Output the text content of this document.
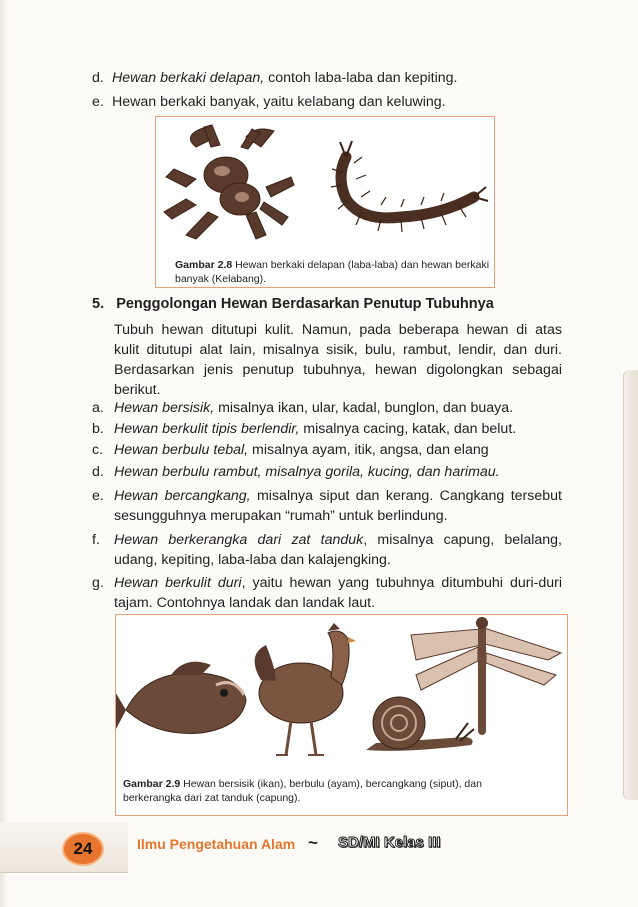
d. Hewan berkaki delapan, contoh laba-laba dan kepiting.
e. Hewan berkaki banyak, yaitu kelabang dan keluwing.
Gambar 2.8 Hewan berkaki delapan (laba-laba) dan hewan berkaki
banyak (Kelabang).
5. Penggolongan Hewan Berdasarkan Penutup Tubuhnya
Tubuh hewan ditutupi kulit. Namun, pada beberapa hewan di atas
kulit ditutupi alat lain, misalnya sisik, bulu, rambut, lendir, dan duri.
Berdasarkan jenis penutup tubuhnya, hewan digolongkan sebagai
berikut.
a. Hewan bersisik, misalnya ikan, ular, kadal, bunglon, dan buaya.
b. Hewan berkulit tipis berlendir, misalnya cacing, katak, dan belut.
c. Hewan berbulu tebal, misalnya ayam, itik, angsa, dan elang
d. Hewan berbulu rambut, misalnya gorila, kucing, dan harimau.
e. Hewan bercangkang, misalnya siput dan kerang. Cangkang tersebut
sesungguhnya merupakan “rumah” untuk berlindung.
f. Hewan berkerangka dari zat tanduk, misalnya capung, belalang,
udang, kepiting, laba-laba dan kalajengking.
g. Hewan berkulit duri, yaitu hewan yang tubuhnya ditumbuhi duri-duri
tajam. Contohnya landak dan landak laut.
Gambar 2.9 Hewan bersisik (ikan), berbulu (ayam), bercangkang (siput), dan
berkerangka dari zat tanduk (capung).
24	Ilmu Pengetahuan Alam ~ SD/MI Kelas III
